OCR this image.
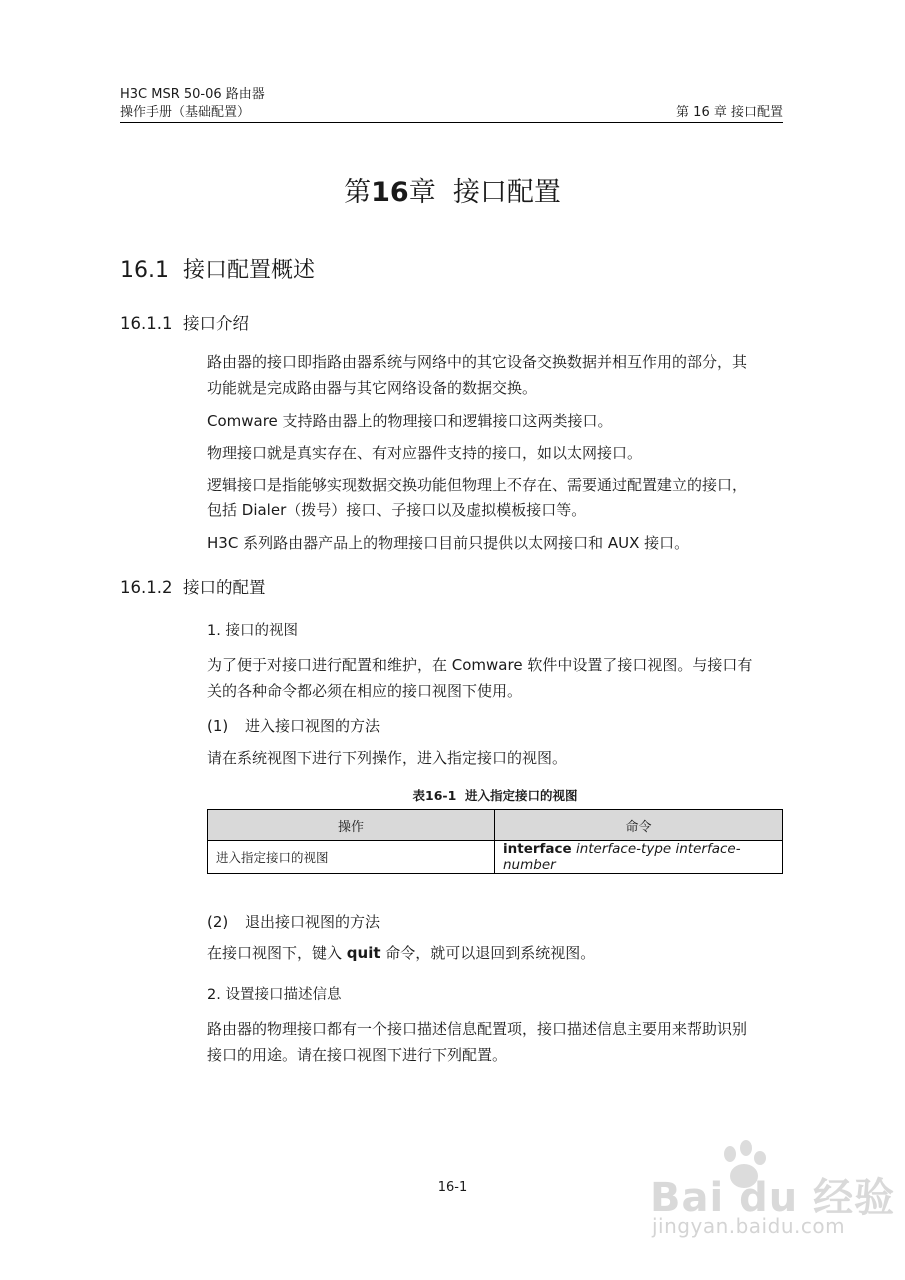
H3C MSR 50-06 路由器
操作手册（基础配置）	第 16 章 接口配置
第16章  接口配置
16.1  接口配置概述
16.1.1  接口介绍
路由器的接口即指路由器系统与网络中的其它设备交换数据并相互作用的部分，其
功能就是完成路由器与其它网络设备的数据交换。
Comware 支持路由器上的物理接口和逻辑接口这两类接口。
物理接口就是真实存在、有对应器件支持的接口，如以太网接口。
逻辑接口是指能够实现数据交换功能但物理上不存在、需要通过配置建立的接口，
包括 Dialer（拨号）接口、子接口以及虚拟模板接口等。
H3C 系列路由器产品上的物理接口目前只提供以太网接口和 AUX 接口。
16.1.2  接口的配置
1. 接口的视图
为了便于对接口进行配置和维护，在 Comware 软件中设置了接口视图。与接口有
关的各种命令都必须在相应的接口视图下使用。
(1) 进入接口视图的方法
请在系统视图下进行下列操作，进入指定接口的视图。
表16-1  进入指定接口的视图
操作	命令
进入指定接口的视图	interface interface-type interface-number
(2) 退出接口视图的方法
在接口视图下，键入 quit 命令，就可以退回到系统视图。
2. 设置接口描述信息
路由器的物理接口都有一个接口描述信息配置项，接口描述信息主要用来帮助识别
接口的用途。请在接口视图下进行下列配置。
16-1	Bai du 经验
jingyan.baidu.com
